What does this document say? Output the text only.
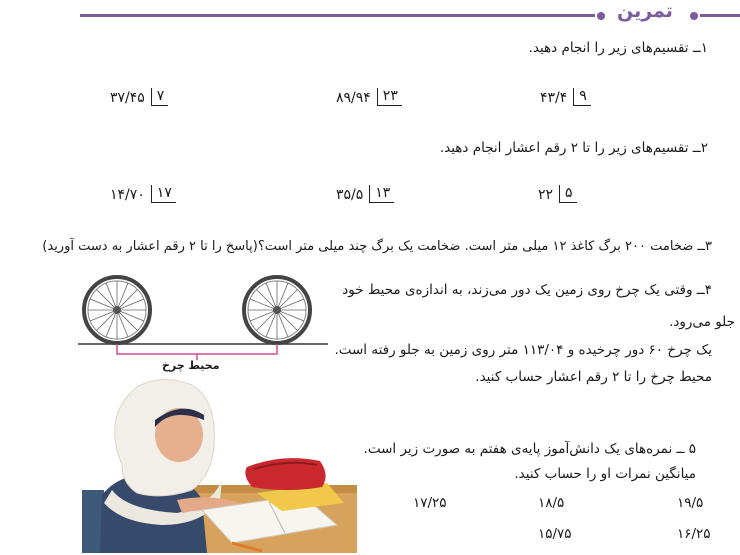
تمرین
۱ــ تقسیم‌های زیر را انجام دهید.
۴۳/۴ ۹
۸۹/۹۴ ۲۳
۳۷/۴۵ ۷
۲ــ تقسیم‌های زیر را تا ۲ رقم اعشار انجام دهید.
۲۲ ۵
۳۵/۵ ۱۳
۱۴/۷۰ ۱۷
۳ــ ضخامت ۲۰۰ برگ کاغذ ۱۲ میلی متر است. ضخامت یک برگ چند میلی متر است؟(پاسخ را تا ۲ رقم اعشار به دست آورید)
محیط چرخ
۴ــ وقتی یک چرخ روی زمین یک دور می‌زند، به اندازه‌ی محیط خود
جلو می‌رود.
یک چرخ ۶۰ دور چرخیده و ۱۱۳/۰۴ متر روی زمین به جلو رفته است.
محیط چرخ را تا ۲ رقم اعشار حساب کنید.
۵ ــ نمره‌های یک دانش‌آموز پایه‌ی هفتم به صورت زیر است.
میانگین نمرات او را حساب کنید.
۱۹/۵
۱۸/۵
۱۷/۲۵
۱۶/۲۵
۱۵/۷۵
